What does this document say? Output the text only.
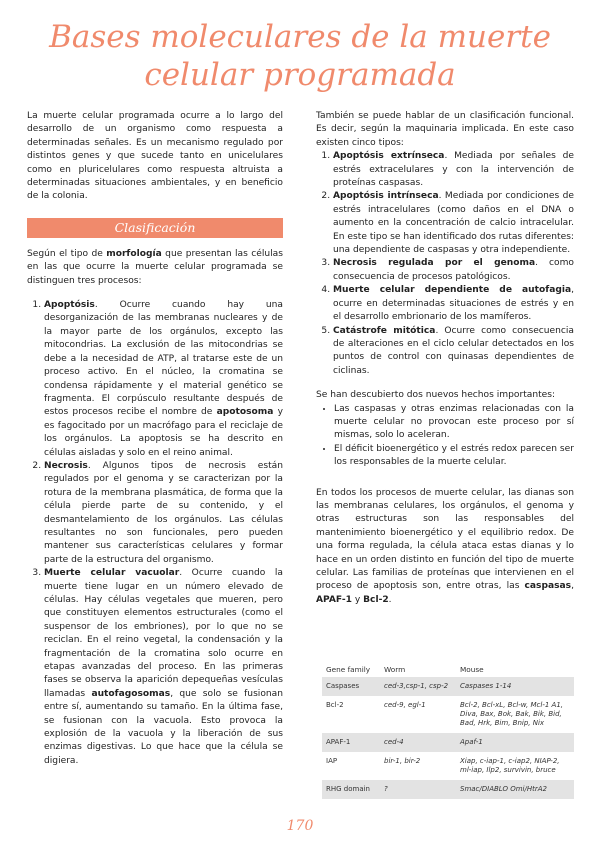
Bases moleculares de la muerte celular programada

La muerte celular programada ocurre a lo largo del desarrollo de un organismo como respuesta a determinadas señales. Es un mecanismo regulado por distintos genes y que sucede tanto en unicelulares como en pluricelulares como respuesta altruista a determinadas situaciones ambientales, y en beneficio de la colonia.

Clasificación

Según el tipo de morfología que presentan las células en las que ocurre la muerte celular programada se distinguen tres procesos:

1. Apoptósis. Ocurre cuando hay una desorganización de las membranas nucleares y de la mayor parte de los orgánulos, excepto las mitocondrias. La exclusión de las mitocondrias se debe a la necesidad de ATP, al tratarse este de un proceso activo. En el núcleo, la cromatina se condensa rápidamente y el material genético se fragmenta. El corpúsculo resultante después de estos procesos recibe el nombre de apotosoma y es fagocitado por un macrófago para el reciclaje de los orgánulos. La apoptosis se ha descrito en células aisladas y solo en el reino animal.
2. Necrosis. Algunos tipos de necrosis están regulados por el genoma y se caracterizan por la rotura de la membrana plasmática, de forma que la célula pierde parte de su contenido, y el desmantelamiento de los orgánulos. Las células resultantes no son funcionales, pero pueden mantener sus características celulares y formar parte de la estructura del organismo.
3. Muerte celular vacuolar. Ocurre cuando la muerte tiene lugar en un número elevado de células. Hay células vegetales que mueren, pero que constituyen elementos estructurales (como el suspensor de los embriones), por lo que no se reciclan. En el reino vegetal, la condensación y la fragmentación de la cromatina solo ocurre en etapas avanzadas del proceso. En las primeras fases se observa la aparición depequeñas vesículas llamadas autofagosomas, que solo se fusionan entre sí, aumentando su tamaño. En la última fase, se fusionan con la vacuola. Esto provoca la explosión de la vacuola y la liberación de sus enzimas digestivas. Lo que hace que la célula se digiera.

También se puede hablar de un clasificación funcional. Es decir, según la maquinaria implicada. En este caso existen cinco tipos:

1. Apoptósis extrínseca. Mediada por señales de estrés extracelulares y con la intervención de proteínas caspasas.
2. Apoptósis intrínseca. Mediada por condiciones de estrés intracelulares (como daños en el DNA o aumento en la concentración de calcio intracelular. En este tipo se han identificado dos rutas diferentes: una dependiente de caspasas y otra independiente.
3. Necrosis regulada por el genoma. como consecuencia de procesos patológicos.
4. Muerte celular dependiente de autofagia, ocurre en determinadas situaciones de estrés y en el desarrollo embrionario de los mamíferos.
5. Catástrofe mitótica. Ocurre como consecuencia de alteraciones en el ciclo celular detectados en los puntos de control con quinasas dependientes de ciclinas.

Se han descubierto dos nuevos hechos importantes:

• Las caspasas y otras enzimas relacionadas con la muerte celular no provocan este proceso por sí mismas, solo lo aceleran.
• El déficit bioenergético y el estrés redox parecen ser los responsables de la muerte celular.

En todos los procesos de muerte celular, las dianas son las membranas celulares, los orgánulos, el genoma y otras estructuras son las responsables del mantenimiento bioenergético y el equilibrio redox. De una forma regulada, la célula ataca estas dianas y lo hace en un orden distinto en función del tipo de muerte celular. Las familias de proteínas que intervienen en el proceso de apoptosis son, entre otras, las caspasas, APAF-1 y Bcl-2.

Gene family	Worm	Mouse
Caspases	ced-3,csp-1, csp-2	Caspases 1-14
Bcl-2	ced-9, egl-1	Bcl-2, Bcl-xL, Bcl-w, Mcl-1 A1, Diva, Bax, Bok, Bak, Bik, Bid, Bad, Hrk, Bim, Bnip, Nix
APAF-1	ced-4	Apaf-1
IAP	bir-1, bir-2	Xiap, c-iap-1, c-iap2, NIAP-2, ml-iap, Ilp2, survivin, bruce
RHG domain	?	Smac/DIABLO Omi/HtrA2
170
